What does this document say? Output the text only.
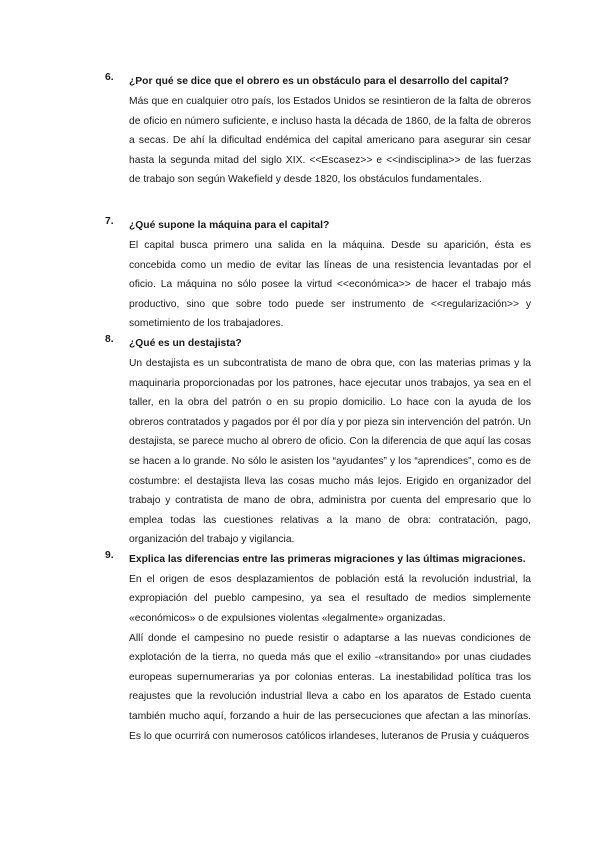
6. ¿Por qué se dice que el obrero es un obstáculo para el desarrollo del capital?

Más que en cualquier otro país, los Estados Unidos se resintieron de la falta de obreros de oficio en número suficiente, e incluso hasta la década de 1860, de la falta de obreros a secas. De ahí la dificultad endémica del capital americano para asegurar sin cesar hasta la segunda mitad del siglo XIX. <<Escasez>> e <<indisciplina>> de las fuerzas de trabajo son según Wakefield y desde 1820, los obstáculos fundamentales.

7. ¿Qué supone la máquina para el capital?

El capital busca primero una salida en la máquina. Desde su aparición, ésta es concebida como un medio de evitar las líneas de una resistencia levantadas por el oficio. La máquina no sólo posee la virtud <<económica>> de hacer el trabajo más productivo, sino que sobre todo puede ser instrumento de <<regularización>> y sometimiento de los trabajadores.

8. ¿Qué es un destajista?

Un destajista es un subcontratista de mano de obra que, con las materias primas y la maquinaria proporcionadas por los patrones, hace ejecutar unos trabajos, ya sea en el taller, en la obra del patrón o en su propio domicilio. Lo hace con la ayuda de los obreros contratados y pagados por él por día y por pieza sin intervención del patrón. Un destajista, se parece mucho al obrero de oficio. Con la diferencia de que aquí las cosas se hacen a lo grande. No sólo le asisten los “ayudantes” y los “aprendices”, como es de costumbre: el destajista lleva las cosas mucho más lejos. Erigido en organizador del trabajo y contratista de mano de obra, administra por cuenta del empresario que lo emplea todas las cuestiones relativas a la mano de obra: contratación, pago, organización del trabajo y vigilancia.

9. Explica las diferencias entre las primeras migraciones y las últimas migraciones.

En el origen de esos desplazamientos de población está la revolución industrial, la expropiación del pueblo campesino, ya sea el resultado de medios simplemente «económicos» o de expulsiones violentas «legalmente» organizadas.

Allí donde el campesino no puede resistir o adaptarse a las nuevas condiciones de explotación de la tierra, no queda más que el exilio -«transitando» por unas ciudades europeas supernumerarias ya por colonias enteras. La inestabilidad política tras los reajustes que la revolución industrial lleva a cabo en los aparatos de Estado cuenta también mucho aquí, forzando a huir de las persecuciones que afectan a las minorías. Es lo que ocurrirá con numerosos católicos irlandeses, luteranos de Prusia y cuáqueros
